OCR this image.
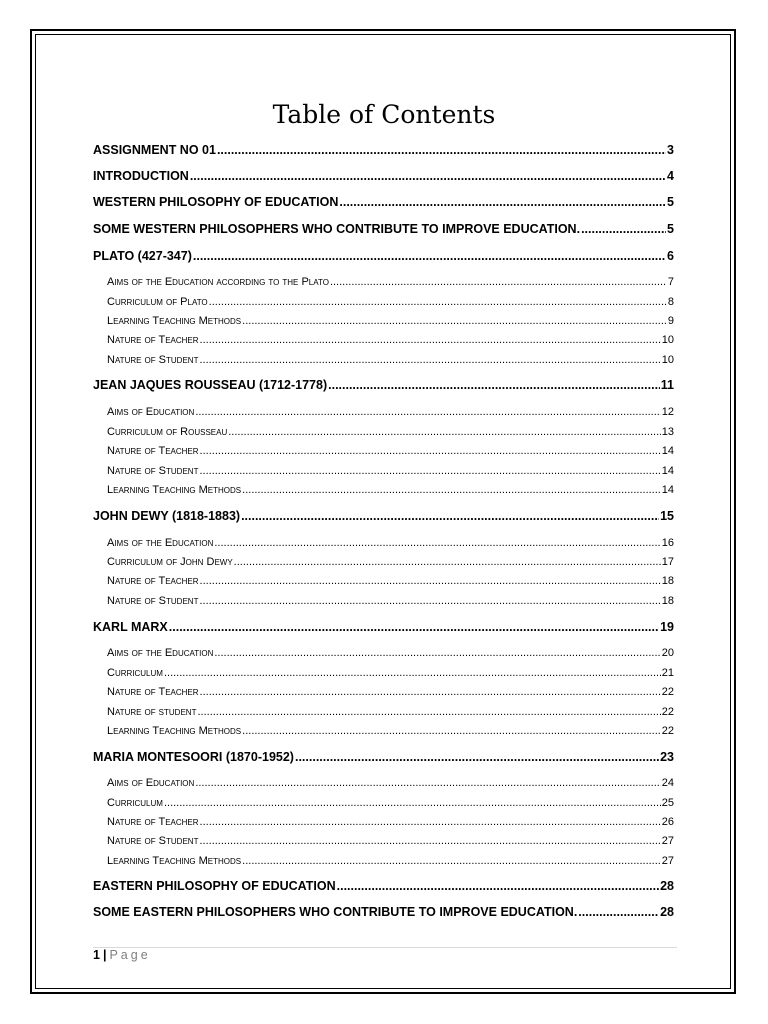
Table of Contents
ASSIGNMENT NO 01 .....	3
INTRODUCTION .....	4
WESTERN PHILOSOPHY OF EDUCATION .....	5
SOME WESTERN PHILOSOPHERS WHO CONTRIBUTE TO IMPROVE EDUCATION. .....	5
PLATO (427-347) .....	6
Aims of the Education according to the Plato .....	7
Curriculum of Plato .....	8
Learning Teaching Methods .....	9
Nature of Teacher .....	10
Nature of Student .....	10
JEAN JAQUES ROUSSEAU (1712-1778) .....	11
Aims of Education .....	12
Curriculum of Rousseau .....	13
Nature of Teacher .....	14
Nature of Student .....	14
Learning Teaching Methods .....	14
JOHN DEWY (1818-1883) .....	15
Aims of the Education .....	16
Curriculum of John Dewy .....	17
Nature of Teacher .....	18
Nature of Student .....	18
KARL MARX .....	19
Aims of the Education .....	20
Curriculum .....	21
Nature of Teacher .....	22
Nature of student .....	22
Learning Teaching Methods .....	22
MARIA MONTESOORI (1870-1952) .....	23
Aims of Education .....	24
Curriculum .....	25
Nature of Teacher .....	26
Nature of Student .....	27
Learning Teaching Methods .....	27
EASTERN PHILOSOPHY OF EDUCATION .....	28
SOME EASTERN PHILOSOPHERS WHO CONTRIBUTE TO IMPROVE EDUCATION. .....	28
1 | Page
